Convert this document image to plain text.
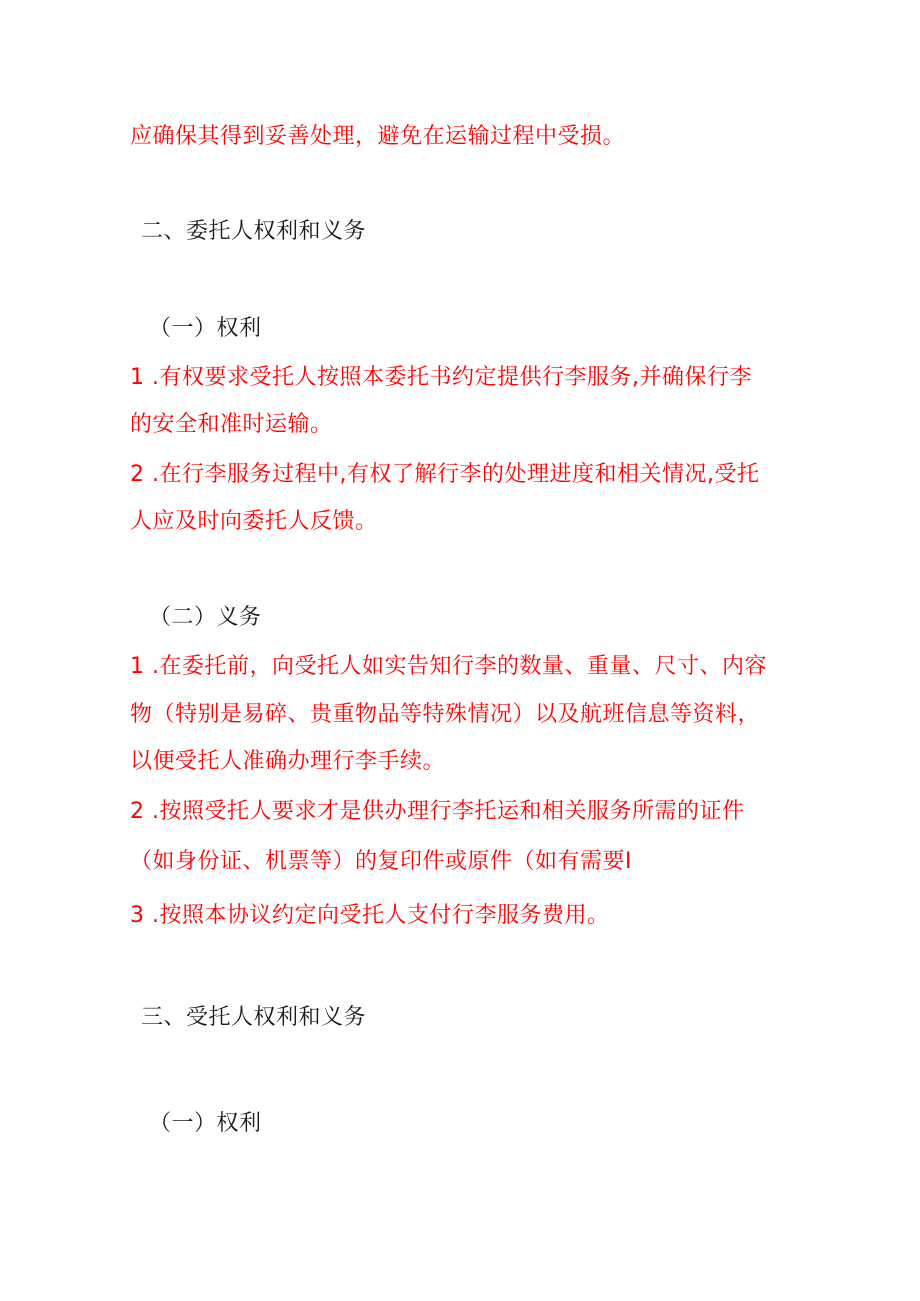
应确保其得到妥善处理，避免在运输过程中受损。
二、委托人权利和义务
（一）权利
1 .有权要求受托人按照本委托书约定提供行李服务,并确保行李
的安全和准时运输。
2 .在行李服务过程中,有权了解行李的处理进度和相关情况,受托
人应及时向委托人反馈。
（二）义务
1 .在委托前，向受托人如实告知行李的数量、重量、尺寸、内容
物（特别是易碎、贵重物品等特殊情况）以及航班信息等资料，
以便受托人准确办理行李手续。
2 .按照受托人要求才是供办理行李托运和相关服务所需的证件
（如身份证、机票等）的复印件或原件（如有需要I
3 .按照本协议约定向受托人支付行李服务费用。
三、受托人权利和义务
（一）权利
